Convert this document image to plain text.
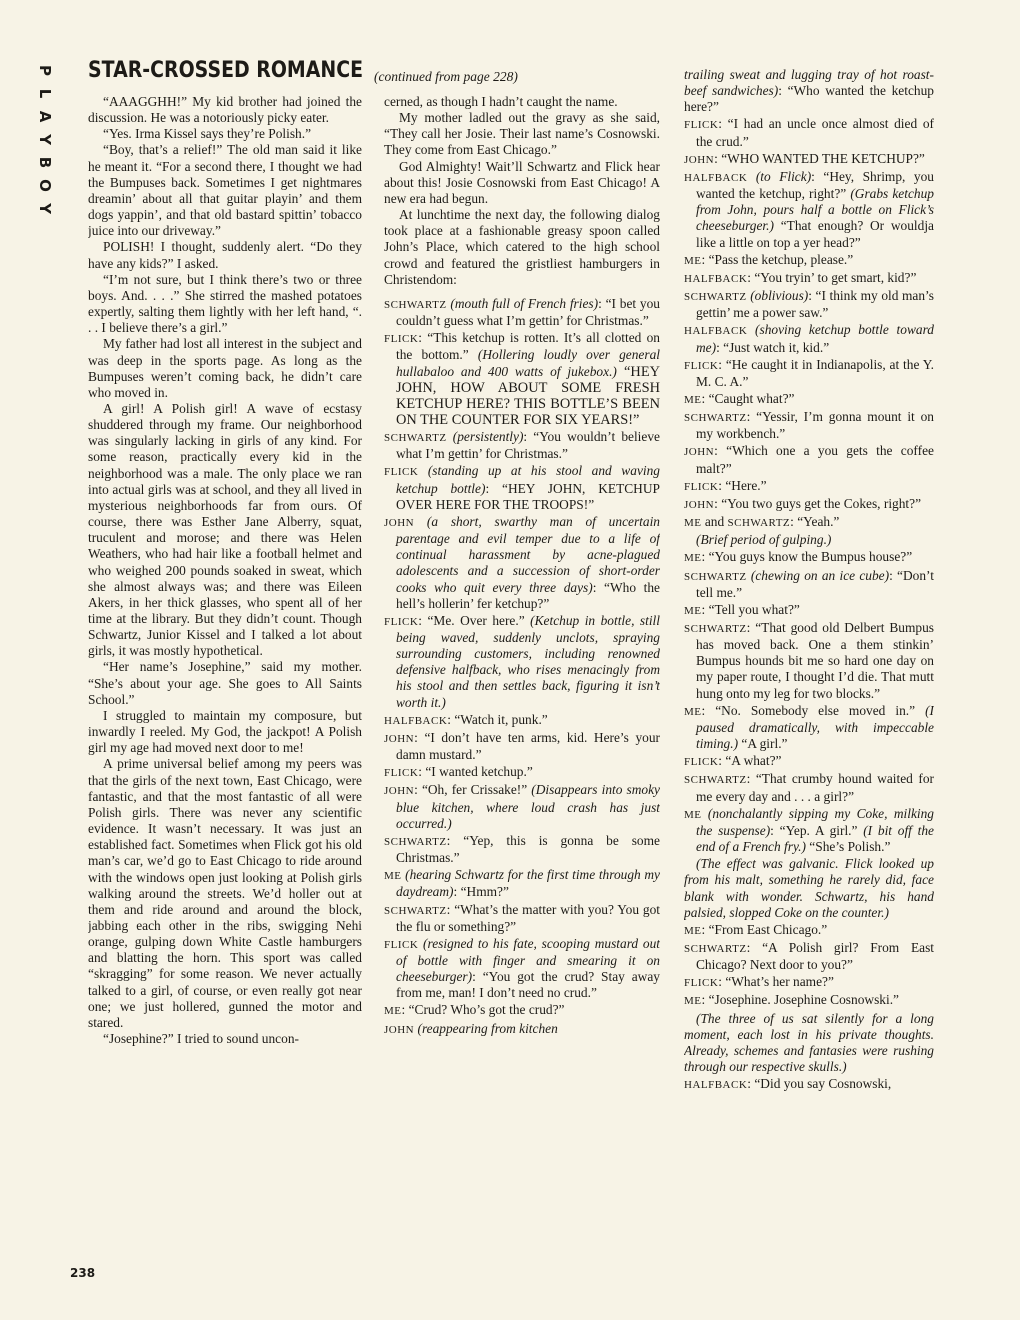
P
L
A
Y
B
O
Y
STAR-CROSSED ROMANCE (continued from page 228)

“AAAGGHH!” My kid brother had joined the discussion. He was a notoriously picky eater.

“Yes. Irma Kissel says they’re Polish.”

“Boy, that’s a relief!” The old man said it like he meant it. “For a second there, I thought we had the Bumpuses back. Sometimes I get nightmares dreamin’ about all that guitar playin’ and them dogs yappin’, and that old bastard spittin’ tobacco juice into our driveway.”

POLISH! I thought, suddenly alert. “Do they have any kids?” I asked.

“I’m not sure, but I think there’s two or three boys. And. . . .” She stirred the mashed potatoes expertly, salting them lightly with her left hand, “. . . I believe there’s a girl.”

My father had lost all interest in the subject and was deep in the sports page. As long as the Bumpuses weren’t coming back, he didn’t care who moved in.

A girl! A Polish girl! A wave of ecstasy shuddered through my frame. Our neighborhood was singularly lacking in girls of any kind. For some reason, practically every kid in the neighborhood was a male. The only place we ran into actual girls was at school, and they all lived in mysterious neighborhoods far from ours. Of course, there was Esther Jane Alberry, squat, truculent and morose; and there was Helen Weathers, who had hair like a football helmet and who weighed 200 pounds soaked in sweat, which she almost always was; and there was Eileen Akers, in her thick glasses, who spent all of her time at the library. But they didn’t count. Though Schwartz, Junior Kissel and I talked a lot about girls, it was mostly hypothetical.

“Her name’s Josephine,” said my mother. “She’s about your age. She goes to All Saints School.”

I struggled to maintain my composure, but inwardly I reeled. My God, the jackpot! A Polish girl my age had moved next door to me!

A prime universal belief among my peers was that the girls of the next town, East Chicago, were fantastic, and that the most fantastic of all were Polish girls. There was never any scientific evidence. It wasn’t necessary. It was just an established fact. Sometimes when Flick got his old man’s car, we’d go to East Chicago to ride around with the windows open just looking at Polish girls walking around the streets. We’d holler out at them and ride around and around the block, jabbing each other in the ribs, swigging Nehi orange, gulping down White Castle hamburgers and blatting the horn. This sport was called “skragging” for some reason. We never actually talked to a girl, of course, or even really got near one; we just hollered, gunned the motor and stared.

“Josephine?” I tried to sound uncon-

cerned, as though I hadn’t caught the name.

My mother ladled out the gravy as she said, “They call her Josie. Their last name’s Cosnowski. They come from East Chicago.”

God Almighty! Wait’ll Schwartz and Flick hear about this! Josie Cosnowski from East Chicago! A new era had begun.

At lunchtime the next day, the following dialog took place at a fashionable greasy spoon called John’s Place, which catered to the high school crowd and featured the gristliest hamburgers in Christendom:

SCHWARTZ (mouth full of French fries): “I bet you couldn’t guess what I’m gettin’ for Christmas.”

FLICK: “This ketchup is rotten. It’s all clotted on the bottom.” (Hollering loudly over general hullabaloo and 400 watts of jukebox.) “HEY JOHN, HOW ABOUT SOME FRESH KETCHUP HERE? THIS BOTTLE’S BEEN ON THE COUNTER FOR SIX YEARS!”

SCHWARTZ (persistently): “You wouldn’t believe what I’m gettin’ for Christmas.”

FLICK (standing up at his stool and waving ketchup bottle): “HEY JOHN, KETCHUP OVER HERE FOR THE TROOPS!”

JOHN (a short, swarthy man of uncertain parentage and evil temper due to a life of continual harassment by acne-plagued adolescents and a succession of short-order cooks who quit every three days): “Who the hell’s hollerin’ fer ketchup?”

FLICK: “Me. Over here.” (Ketchup in bottle, still being waved, suddenly unclots, spraying surrounding customers, including renowned defensive halfback, who rises menacingly from his stool and then settles back, figuring it isn’t worth it.)

HALFBACK: “Watch it, punk.”

JOHN: “I don’t have ten arms, kid. Here’s your damn mustard.”

FLICK: “I wanted ketchup.”

JOHN: “Oh, fer Crissake!” (Disappears into smoky blue kitchen, where loud crash has just occurred.)

SCHWARTZ: “Yep, this is gonna be some Christmas.”

ME (hearing Schwartz for the first time through my daydream): “Hmm?”

SCHWARTZ: “What’s the matter with you? You got the flu or something?”

FLICK (resigned to his fate, scooping mustard out of bottle with finger and smearing it on cheeseburger): “You got the crud? Stay away from me, man! I don’t need no crud.”

ME: “Crud? Who’s got the crud?”

JOHN (reappearing from kitchen

trailing sweat and lugging tray of hot roast-beef sandwiches): “Who wanted the ketchup here?”

FLICK: “I had an uncle once almost died of the crud.”

JOHN: “WHO WANTED THE KETCHUP?”

HALFBACK (to Flick): “Hey, Shrimp, you wanted the ketchup, right?” (Grabs ketchup from John, pours half a bottle on Flick’s cheeseburger.) “That enough? Or wouldja like a little on top a yer head?”

ME: “Pass the ketchup, please.”

HALFBACK: “You tryin’ to get smart, kid?”

SCHWARTZ (oblivious): “I think my old man’s gettin’ me a power saw.”

HALFBACK (shoving ketchup bottle toward me): “Just watch it, kid.”

FLICK: “He caught it in Indianapolis, at the Y. M. C. A.”

ME: “Caught what?”

SCHWARTZ: “Yessir, I’m gonna mount it on my workbench.”

JOHN: “Which one a you gets the coffee malt?”

FLICK: “Here.”

JOHN: “You two guys get the Cokes, right?”

ME and SCHWARTZ: “Yeah.”

(Brief period of gulping.)

ME: “You guys know the Bumpus house?”

SCHWARTZ (chewing on an ice cube): “Don’t tell me.”

ME: “Tell you what?”

SCHWARTZ: “That good old Delbert Bumpus has moved back. One a them stinkin’ Bumpus hounds bit me so hard one day on my paper route, I thought I’d die. That mutt hung onto my leg for two blocks.”

ME: “No. Somebody else moved in.” (I paused dramatically, with impeccable timing.) “A girl.”

FLICK: “A what?”

SCHWARTZ: “That crumby hound waited for me every day and . . . a girl?”

ME (nonchalantly sipping my Coke, milking the suspense): “Yep. A girl.” (I bit off the end of a French fry.) “She’s Polish.”

(The effect was galvanic. Flick looked up from his malt, something he rarely did, face blank with wonder. Schwartz, his hand palsied, slopped Coke on the counter.)

ME: “From East Chicago.”

SCHWARTZ: “A Polish girl? From East Chicago? Next door to you?”

FLICK: “What’s her name?”

ME: “Josephine. Josephine Cosnowski.”

(The three of us sat silently for a long moment, each lost in his private thoughts. Already, schemes and fantasies were rushing through our respective skulls.)

HALFBACK: “Did you say Cosnowski,

238
